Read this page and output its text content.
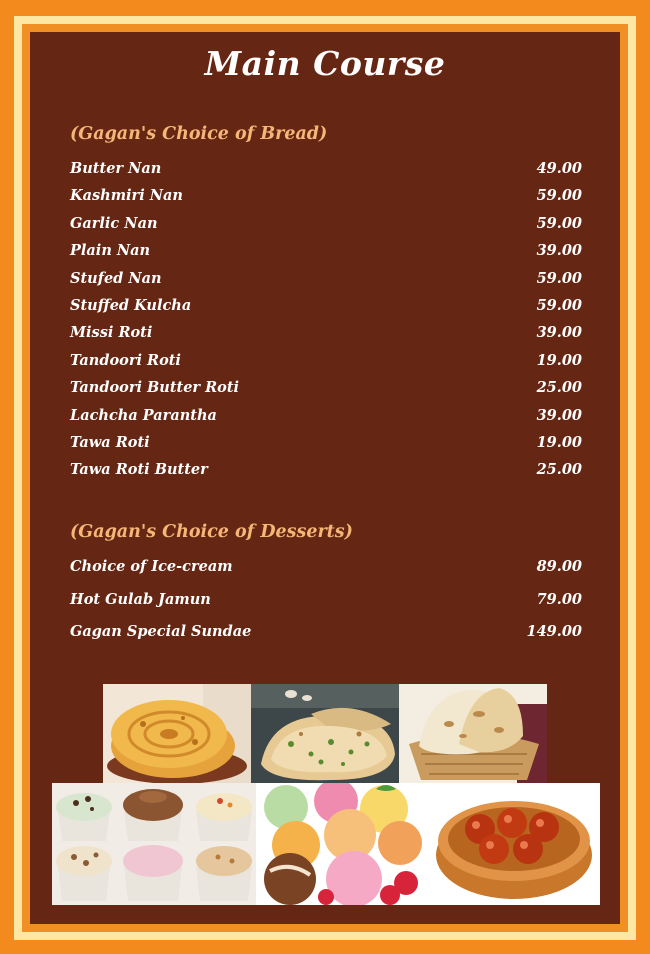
Main Course
(Gagan's Choice of Bread)
Butter Nan	49.00
Kashmiri Nan	59.00
Garlic Nan	59.00
Plain Nan	39.00
Stufed Nan	59.00
Stuffed Kulcha	59.00
Missi Roti	39.00
Tandoori Roti	19.00
Tandoori Butter Roti	25.00
Lachcha Parantha	39.00
Tawa Roti	19.00
Tawa Roti Butter	25.00
(Gagan's Choice of Desserts)
Choice of Ice-cream	89.00
Hot Gulab Jamun	79.00
Gagan Special Sundae	149.00
